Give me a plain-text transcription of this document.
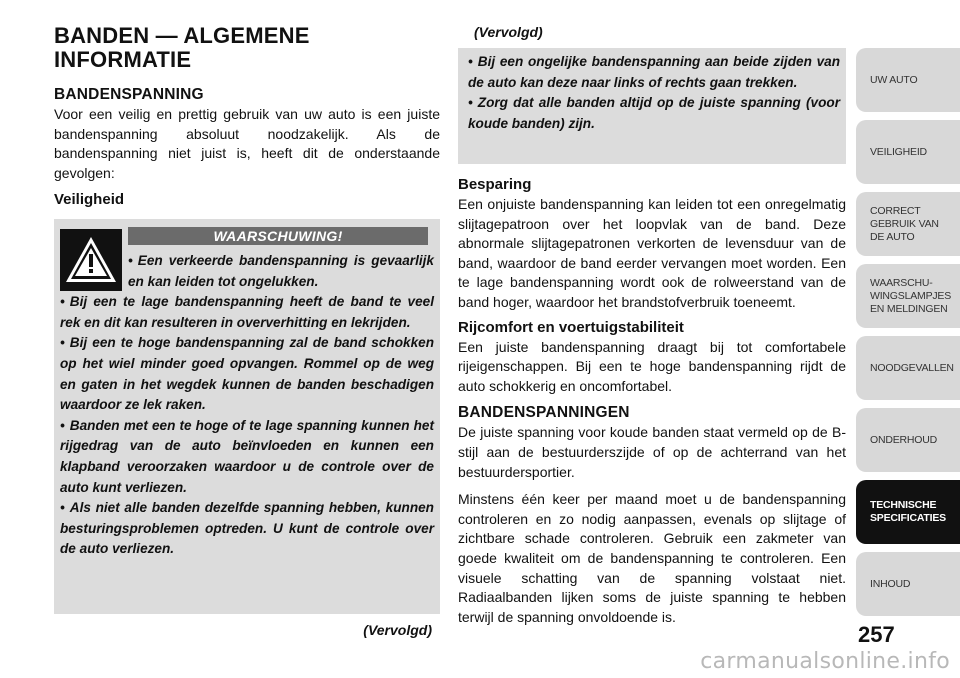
BANDEN — ALGEMENE
INFORMATIE
BANDENSPANNING

Voor een veilig en prettig gebruik van uw auto is een juiste bandenspanning absoluut noodzakelijk. Als de bandenspanning niet juist is, heeft dit de onderstaande gevolgen:

Veiligheid
WAARSCHUWING!
• Een verkeerde bandenspanning is gevaarlijk en kan leiden tot ongelukken.
• Bij een te lage bandenspanning heeft de band te veel rek en dit kan resulteren in oververhitting en lekrijden.
• Bij een te hoge bandenspanning zal de band schokken op het wiel minder goed opvangen. Rommel op de weg en gaten in het wegdek kunnen de banden beschadigen waardoor ze lek raken.
• Banden met een te hoge of te lage spanning kunnen het rijgedrag van de auto beïnvloeden en kunnen een klapband veroorzaken waardoor u de controle over de auto kunt verliezen.
• Als niet alle banden dezelfde spanning hebben, kunnen besturingsproblemen optreden. U kunt de controle over de auto verliezen.
(Vervolgd)
(Vervolgd)
• Bij een ongelijke bandenspanning aan beide zijden van de auto kan deze naar links of rechts gaan trekken.
• Zorg dat alle banden altijd op de juiste spanning (voor koude banden) zijn.
Besparing

Een onjuiste bandenspanning kan leiden tot een onregelmatig slijtagepatroon over het loopvlak van de band. Deze abnormale slijtagepatronen verkorten de levensduur van de band, waardoor de band eerder vervangen moet worden. Een te lage bandenspanning wordt ook de rolweerstand van de band hoger, waardoor het brandstofverbruik toeneemt.

Rijcomfort en voertuigstabiliteit

Een juiste bandenspanning draagt bij tot comfortabele rijeigenschappen. Bij een te hoge bandenspanning rijdt de auto schokkerig en oncomfortabel.

BANDENSPANNINGEN

De juiste spanning voor koude banden staat vermeld op de B-stijl aan de bestuurderszijde of op de achterrand van het bestuurdersportier.

Minstens één keer per maand moet u de bandenspanning controleren en zo nodig aanpassen, evenals op slijtage of zichtbare schade controleren. Gebruik een zakmeter van goede kwaliteit om de bandenspanning te controleren. Een visuele schatting van de spanning volstaat niet. Radiaalbanden lijken soms de juiste spanning te hebben terwijl de spanning onvoldoende is.

UW AUTO
VEILIGHEID
CORRECT
GEBRUIK VAN
DE AUTO
WAARSCHU-
WINGSLAMPJES
EN MELDINGEN
NOODGEVALLEN
ONDERHOUD
TECHNISCHE
SPECIFICATIES
INHOUD
257
carmanualsonline.info
